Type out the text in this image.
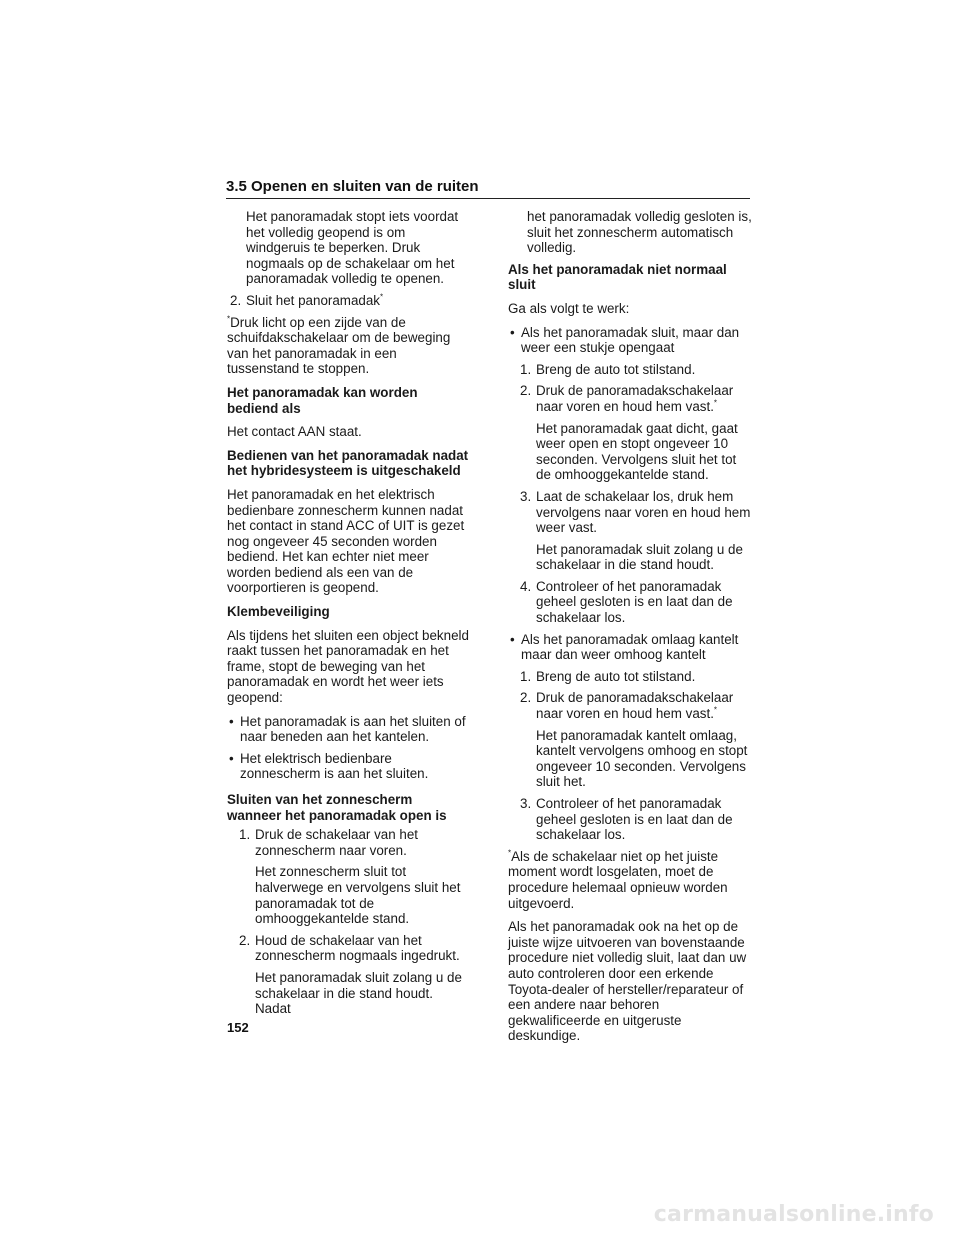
3.5 Openen en sluiten van de ruiten

Het panoramadak stopt iets voordat het volledig geopend is om windgeruis te beperken. Druk nogmaals op de schakelaar om het panoramadak volledig te openen.

2. Sluit het panoramadak*

*Druk licht op een zijde van de schuifdakschakelaar om de beweging van het panoramadak in een tussenstand te stoppen.

Het panoramadak kan worden bediend als

Het contact AAN staat.

Bedienen van het panoramadak nadat het hybridesysteem is uitgeschakeld

Het panoramadak en het elektrisch bedienbare zonnescherm kunnen nadat het contact in stand ACC of UIT is gezet nog ongeveer 45 seconden worden bediend. Het kan echter niet meer worden bediend als een van de voorportieren is geopend.

Klembeveiliging

Als tijdens het sluiten een object bekneld raakt tussen het panoramadak en het frame, stopt de beweging van het panoramadak en wordt het weer iets geopend:

• Het panoramadak is aan het sluiten of naar beneden aan het kantelen.
• Het elektrisch bedienbare zonnescherm is aan het sluiten.

Sluiten van het zonnescherm wanneer het panoramadak open is

1. Druk de schakelaar van het zonnescherm naar voren.
Het zonnescherm sluit tot halverwege en vervolgens sluit het panoramadak tot de omhooggekantelde stand.
2. Houd de schakelaar van het zonnescherm nogmaals ingedrukt.
Het panoramadak sluit zolang u de schakelaar in die stand houdt. Nadat

het panoramadak volledig gesloten is, sluit het zonnescherm automatisch volledig.

Als het panoramadak niet normaal sluit

Ga als volgt te werk:

• Als het panoramadak sluit, maar dan weer een stukje opengaat
1. Breng de auto tot stilstand.
2. Druk de panoramadakschakelaar naar voren en houd hem vast.*
Het panoramadak gaat dicht, gaat weer open en stopt ongeveer 10 seconden. Vervolgens sluit het tot de omhooggekantelde stand.
3. Laat de schakelaar los, druk hem vervolgens naar voren en houd hem weer vast.
Het panoramadak sluit zolang u de schakelaar in die stand houdt.
4. Controleer of het panoramadak geheel gesloten is en laat dan de schakelaar los.
• Als het panoramadak omlaag kantelt maar dan weer omhoog kantelt
1. Breng de auto tot stilstand.
2. Druk de panoramadakschakelaar naar voren en houd hem vast.*
Het panoramadak kantelt omlaag, kantelt vervolgens omhoog en stopt ongeveer 10 seconden. Vervolgens sluit het.
3. Controleer of het panoramadak geheel gesloten is en laat dan de schakelaar los.

*Als de schakelaar niet op het juiste moment wordt losgelaten, moet de procedure helemaal opnieuw worden uitgevoerd.

Als het panoramadak ook na het op de juiste wijze uitvoeren van bovenstaande procedure niet volledig sluit, laat dan uw auto controleren door een erkende Toyota-dealer of hersteller/reparateur of een andere naar behoren gekwalificeerde en uitgeruste deskundige.

152
carmanualsonline.info
